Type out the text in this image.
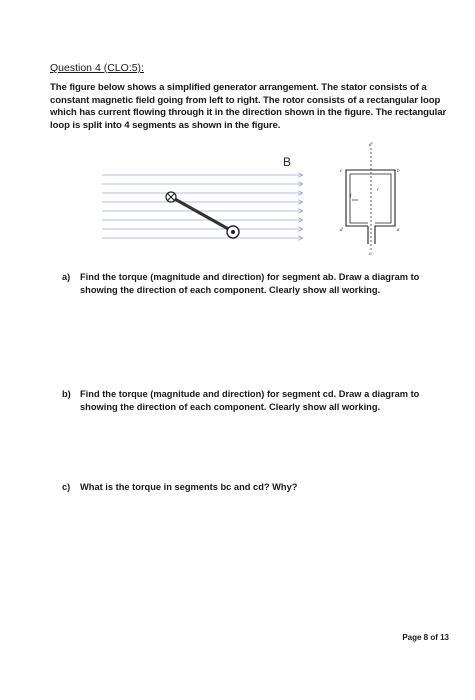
Question 4 (CLO:5):

The figure below shows a simplified generator arrangement. The stator consists of a constant magnetic field going from left to right. The rotor consists of a rectangular loop which has current flowing through it in the direction shown in the figure. The rectangular loop is split into 4 segments as shown in the figure.

B
d'
c	b
l
r
d	a
o
a) Find the torque (magnitude and direction) for segment ab. Draw a diagram to showing the direction of each component. Clearly show all working.
b) Find the torque (magnitude and direction) for segment cd. Draw a diagram to showing the direction of each component. Clearly show all working.
c) What is the torque in segments bc and cd? Why?
Page 8 of 13
